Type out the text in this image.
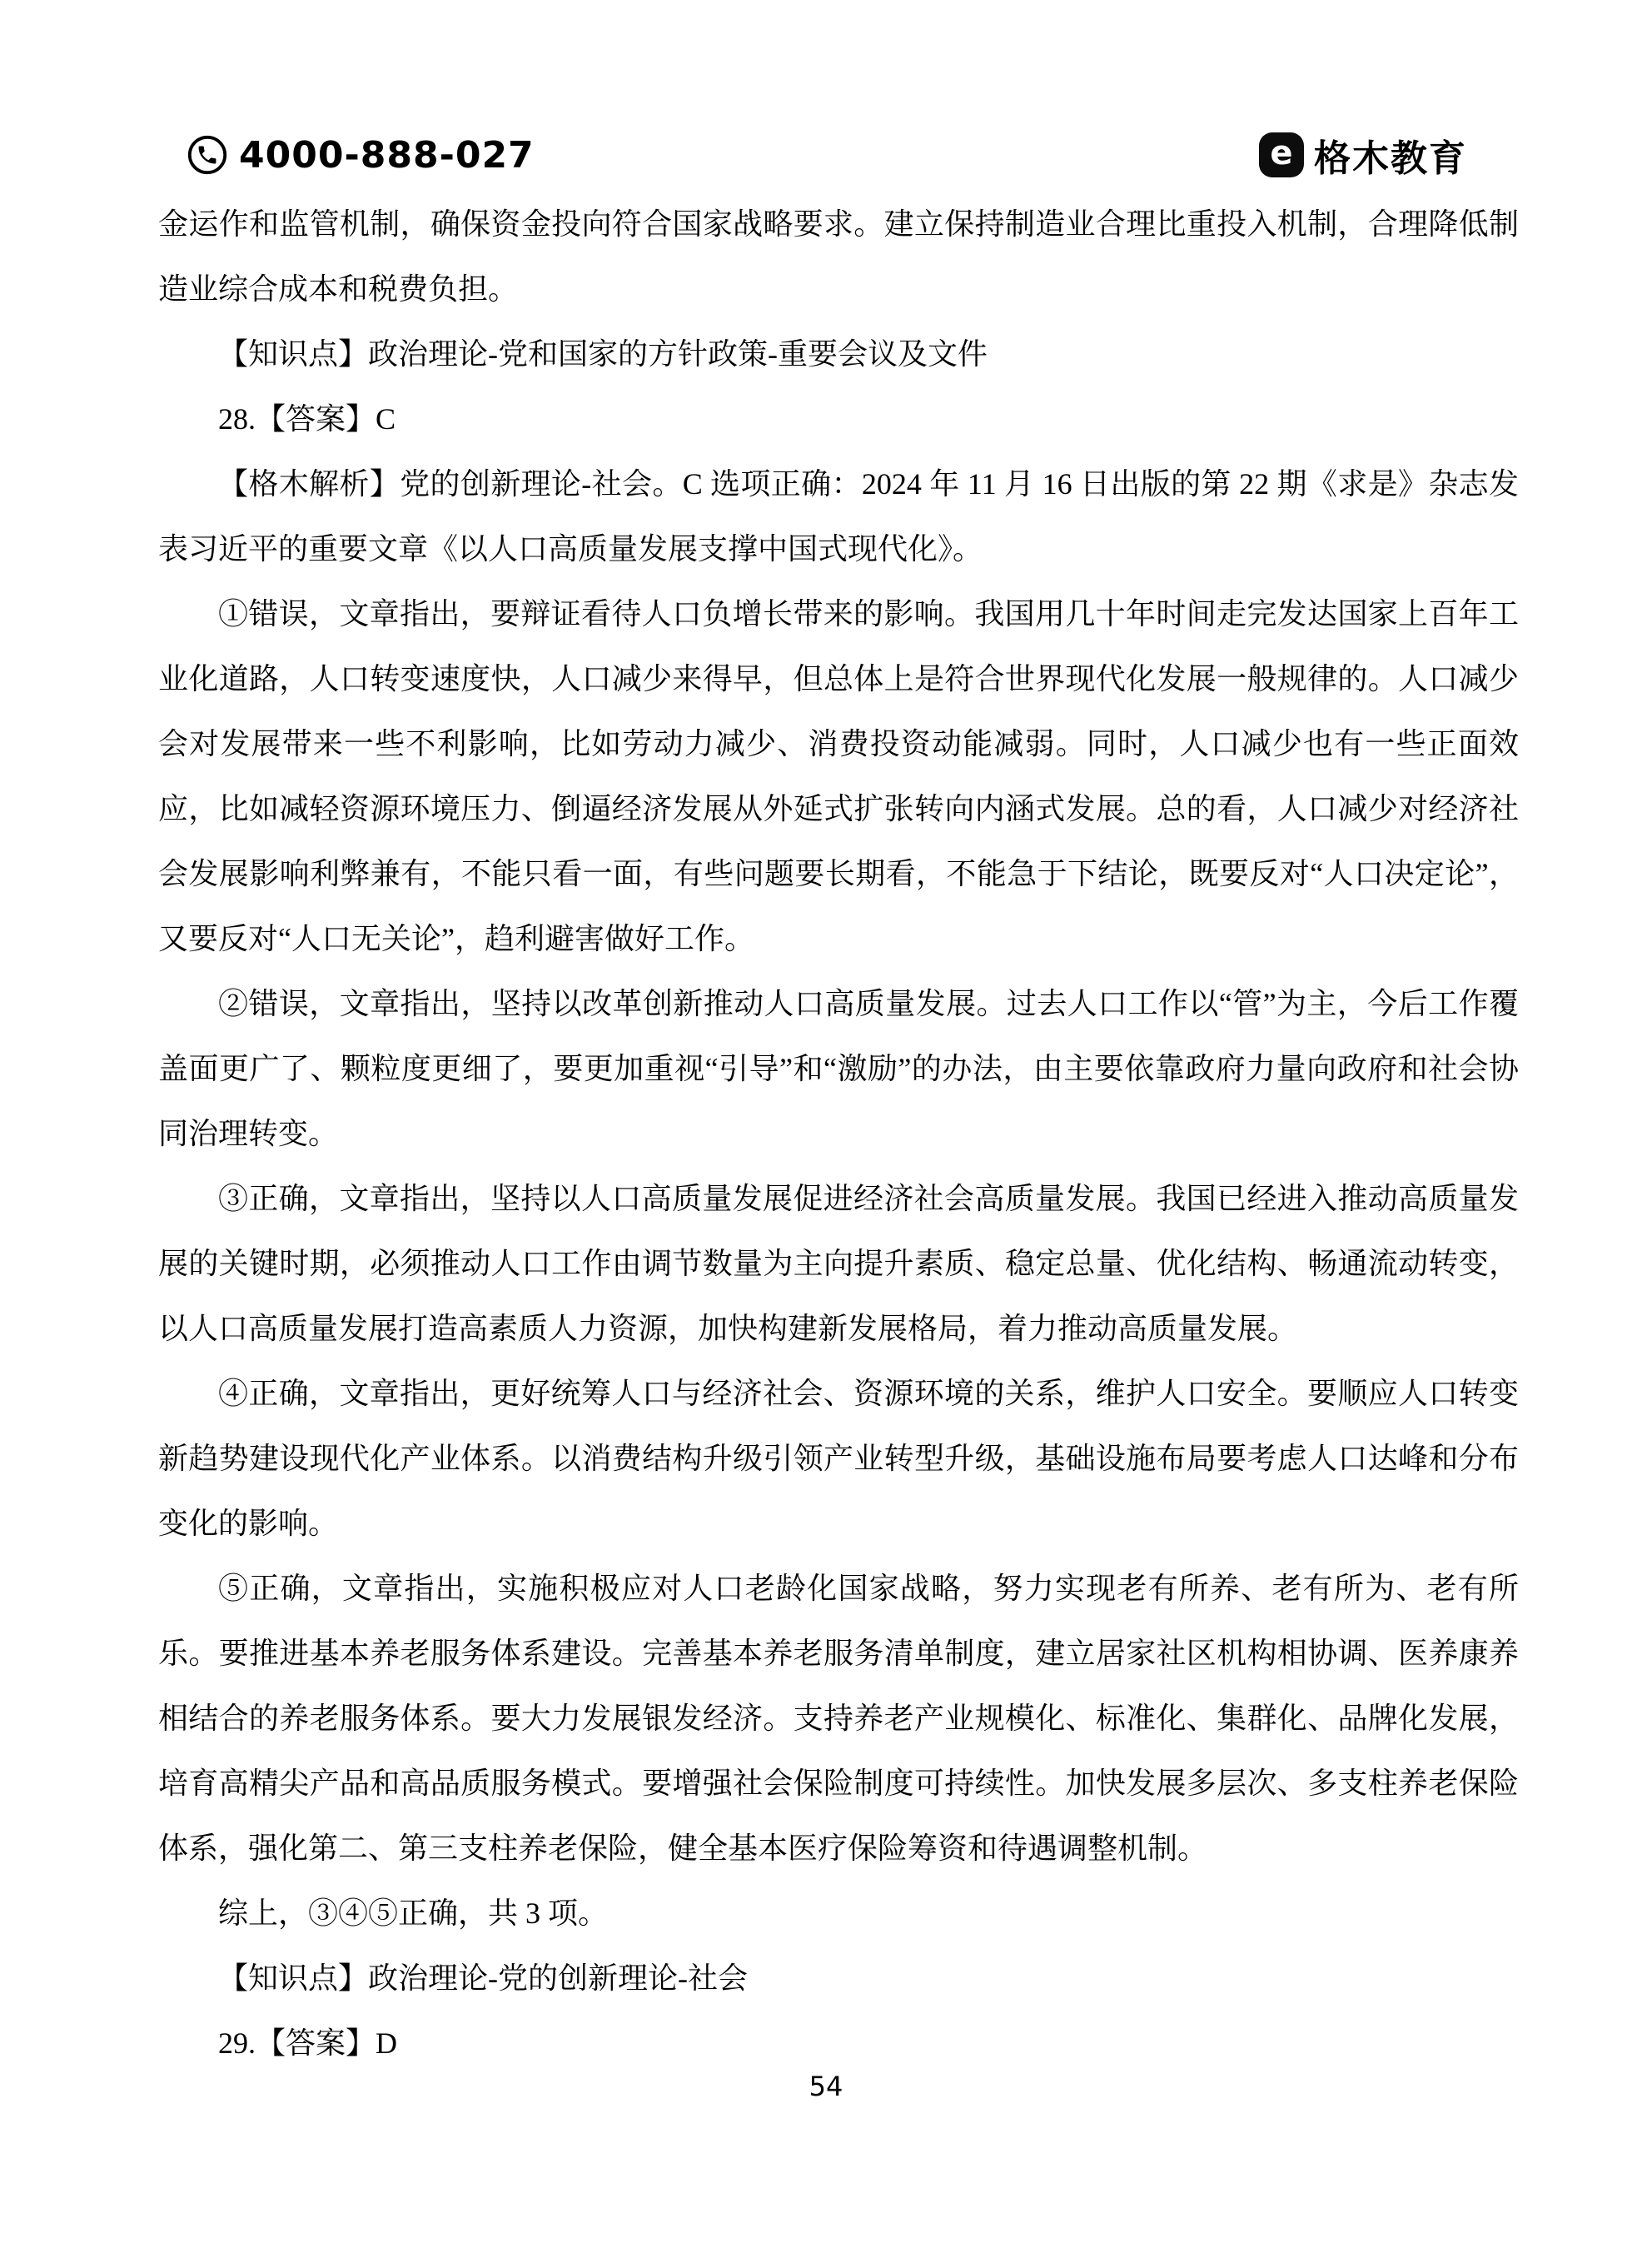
4000-888-027	e 格木教育

金运作和监管机制，确保资金投向符合国家战略要求。建立保持制造业合理比重投入机制，合理降低制造业综合成本和税费负担。

【知识点】政治理论-党和国家的方针政策-重要会议及文件

28.【答案】C

【格木解析】党的创新理论-社会。C 选项正确：2024 年 11 月 16 日出版的第 22 期《求是》杂志发表习近平的重要文章《以人口高质量发展支撑中国式现代化》。

①错误，文章指出，要辩证看待人口负增长带来的影响。我国用几十年时间走完发达国家上百年工业化道路，人口转变速度快，人口减少来得早，但总体上是符合世界现代化发展一般规律的。人口减少会对发展带来一些不利影响，比如劳动力减少、消费投资动能减弱。同时，人口减少也有一些正面效应，比如减轻资源环境压力、倒逼经济发展从外延式扩张转向内涵式发展。总的看，人口减少对经济社会发展影响利弊兼有，不能只看一面，有些问题要长期看，不能急于下结论，既要反对“人口决定论”，又要反对“人口无关论”，趋利避害做好工作。

②错误，文章指出，坚持以改革创新推动人口高质量发展。过去人口工作以“管”为主，今后工作覆盖面更广了、颗粒度更细了，要更加重视“引导”和“激励”的办法，由主要依靠政府力量向政府和社会协同治理转变。

③正确，文章指出，坚持以人口高质量发展促进经济社会高质量发展。我国已经进入推动高质量发展的关键时期，必须推动人口工作由调节数量为主向提升素质、稳定总量、优化结构、畅通流动转变，以人口高质量发展打造高素质人力资源，加快构建新发展格局，着力推动高质量发展。

④正确，文章指出，更好统筹人口与经济社会、资源环境的关系，维护人口安全。要顺应人口转变新趋势建设现代化产业体系。以消费结构升级引领产业转型升级，基础设施布局要考虑人口达峰和分布变化的影响。

⑤正确，文章指出，实施积极应对人口老龄化国家战略，努力实现老有所养、老有所为、老有所乐。要推进基本养老服务体系建设。完善基本养老服务清单制度，建立居家社区机构相协调、医养康养相结合的养老服务体系。要大力发展银发经济。支持养老产业规模化、标准化、集群化、品牌化发展，培育高精尖产品和高品质服务模式。要增强社会保险制度可持续性。加快发展多层次、多支柱养老保险体系，强化第二、第三支柱养老保险，健全基本医疗保险筹资和待遇调整机制。

综上，③④⑤正确，共 3 项。

【知识点】政治理论-党的创新理论-社会

29.【答案】D

54
